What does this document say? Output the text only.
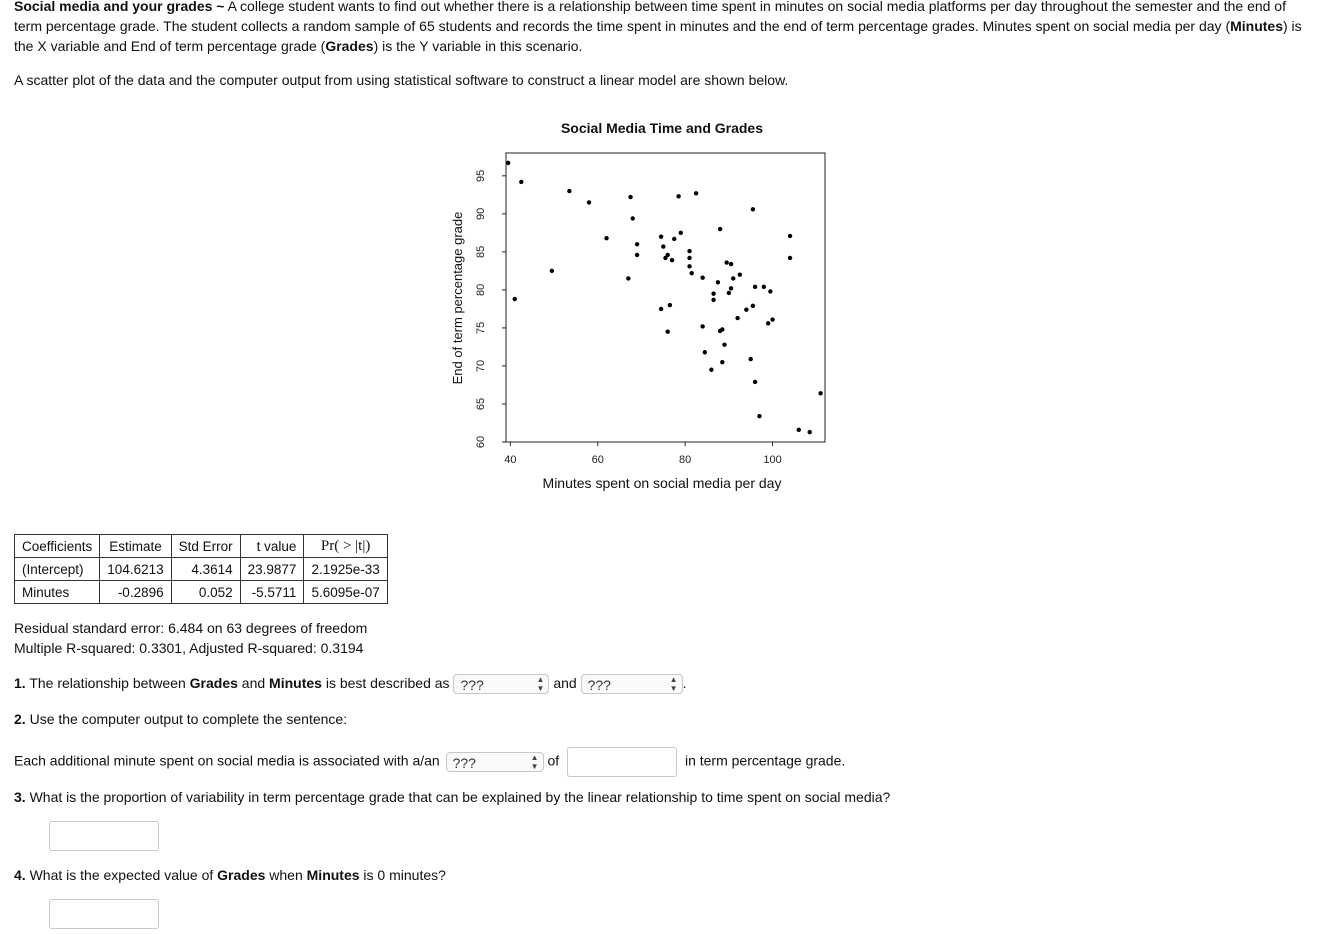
Social media and your grades ~ A college student wants to find out whether there is a relationship between time spent in minutes on social media platforms per day throughout the semester and the end of term percentage grade. The student collects a random sample of 65 students and records the time spent in minutes and the end of term percentage grades. Minutes spent on social media per day (Minutes) is the X variable and End of term percentage grade (Grades) is the Y variable in this scenario.

A scatter plot of the data and the computer output from using statistical software to construct a linear model are shown below.

Social Media Time and Grades
40	60	80	100
60
65
70
75
80
85
90
95
Minutes spent on social media per day
End of term percentage grade
Coefficients	Estimate	Std Error	t value	Pr( > |t|)
(Intercept)	104.6213	4.3614	23.9877	2.1925e-33
Minutes	-0.2896	0.052	-5.5711	5.6095e-07
Residual standard error: 6.484 on 63 degrees of freedom
Multiple R-squared: 0.3301, Adjusted R-squared: 0.3194
1. The relationship between Grades and Minutes is best described as ???	▲
▼ and ???	▲
▼ .
2. Use the computer output to complete the sentence:
Each additional minute spent on social media is associated with a/an ???	▲
▼ of	in term percentage grade.
3. What is the proportion of variability in term percentage grade that can be explained by the linear relationship to time spent on social media?
4. What is the expected value of Grades when Minutes is 0 minutes?
